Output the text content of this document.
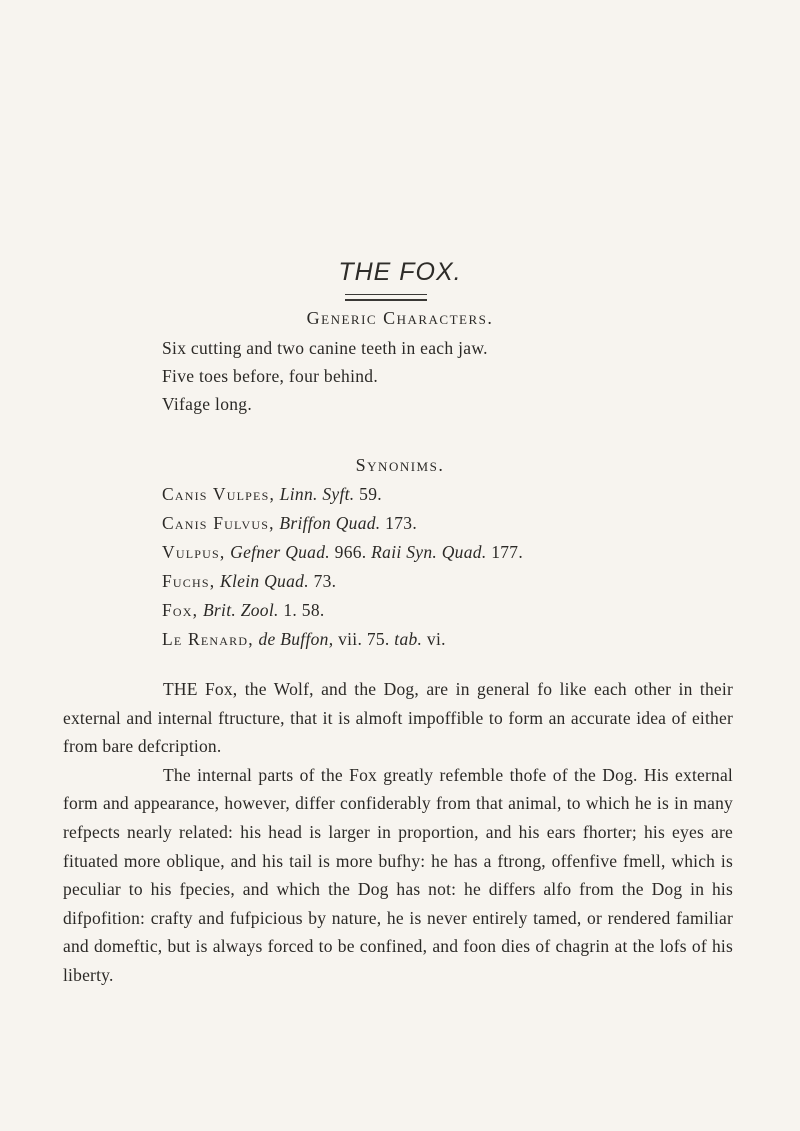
THE FOX.
Generic Characters.
Six cutting and two canine teeth in each jaw.
Five toes before, four behind.
Vifage long.
Synonims.
Canis Vulpes, Linn. Syft. 59.
Canis Fulvus, Briffon Quad. 173.
Vulpus, Gefner Quad. 966. Raii Syn. Quad. 177.
Fuchs, Klein Quad. 73.
Fox, Brit. Zool. 1. 58.
Le Renard, de Buffon, vii. 75. tab. vi.

THE Fox, the Wolf, and the Dog, are in general fo like each other in their external and internal ftructure, that it is almoft impoffible to form an accurate idea of either from bare defcription.

The internal parts of the Fox greatly refemble thofe of the Dog. His external form and appearance, however, differ confiderably from that animal, to which he is in many refpects nearly related: his head is larger in proportion, and his ears fhorter; his eyes are fituated more oblique, and his tail is more bufhy: he has a ftrong, offenfive fmell, which is peculiar to his fpecies, and which the Dog has not: he differs alfo from the Dog in his difpofition: crafty and fufpicious by nature, he is never entirely tamed, or rendered familiar and domeftic, but is always forced to be confined, and foon dies of chagrin at the lofs of his liberty.
